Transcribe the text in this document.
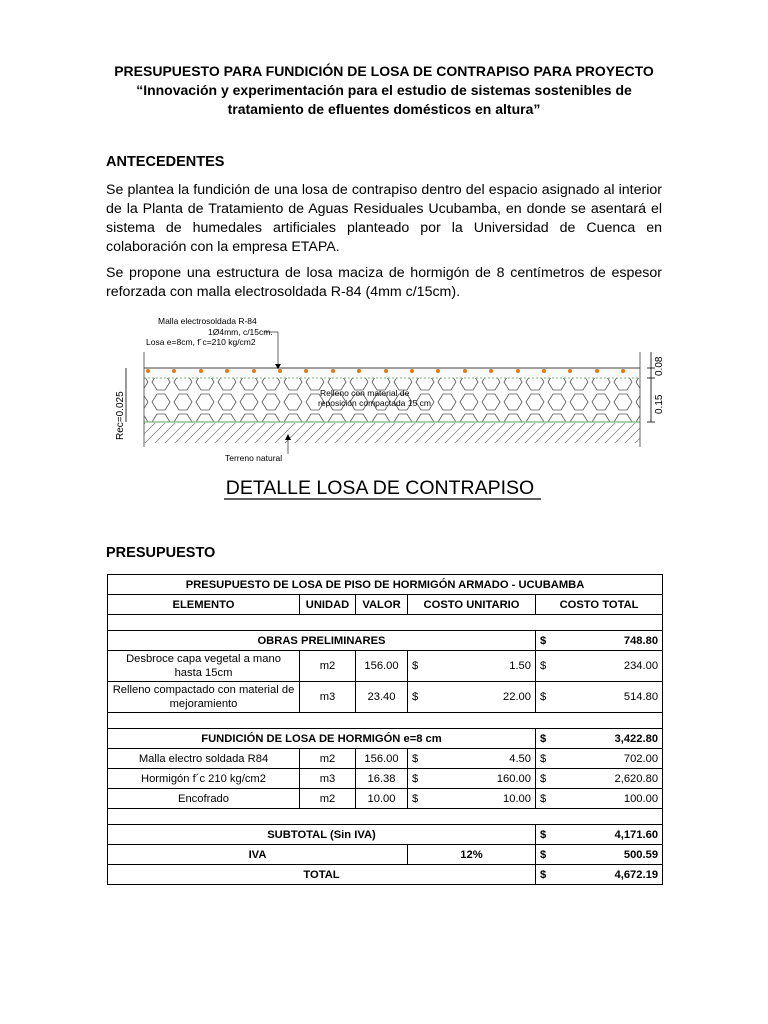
PRESUPUESTO PARA FUNDICIÓN DE LOSA DE CONTRAPISO PARA PROYECTO
“Innovación y experimentación para el estudio de sistemas sostenibles de
tratamiento de efluentes domésticos en altura”
ANTECEDENTES
Se plantea la fundición de una losa de contrapiso dentro del espacio asignado al interior de la Planta de Tratamiento de Aguas Residuales Ucubamba, en donde se asentará el sistema de humedales artificiales planteado por la Universidad de Cuenca en colaboración con la empresa ETAPA.
Se propone una estructura de losa maciza de hormigón de 8 centímetros de espesor reforzada con malla electrosoldada R-84 (4mm c/15cm).
Rec=0.025
0.08
0.15
Malla electrosoldada R-84
1Ø4mm, c/15cm.
Losa e=8cm, f´c=210 kg/cm2
Relleno con material de
reposición compactada 15 cm
Terreno natural
DETALLE LOSA DE CONTRAPISO
PRESUPUESTO
PRESUPUESTO DE LOSA DE PISO DE HORMIGÓN ARMADO - UCUBAMBA				
ELEMENTO	UNIDAD	VALOR	COSTO UNITARIO	COSTO TOTAL

OBRAS PRELIMINARES				$ 748.80

Desbroce capa vegetal a mano hasta 15cm	m2	156.00	$ 1.50	$ 234.00

Relleno compactado con material de mejoramiento	m3	23.40	$ 22.00	$ 514.80

FUNDICIÓN DE LOSA DE HORMIGÓN e=8 cm				$ 3,422.80

Malla electro soldada R84	m2	156.00	$ 4.50	$ 702.00

Hormigón f´c 210 kg/cm2	m3	16.38	$ 160.00	$ 2,620.80

Encofrado	m2	10.00	$ 10.00	$ 100.00

SUBTOTAL (Sin IVA)				$ 4,171.60

IVA			12%	$ 500.59

TOTAL				$ 4,672.19
